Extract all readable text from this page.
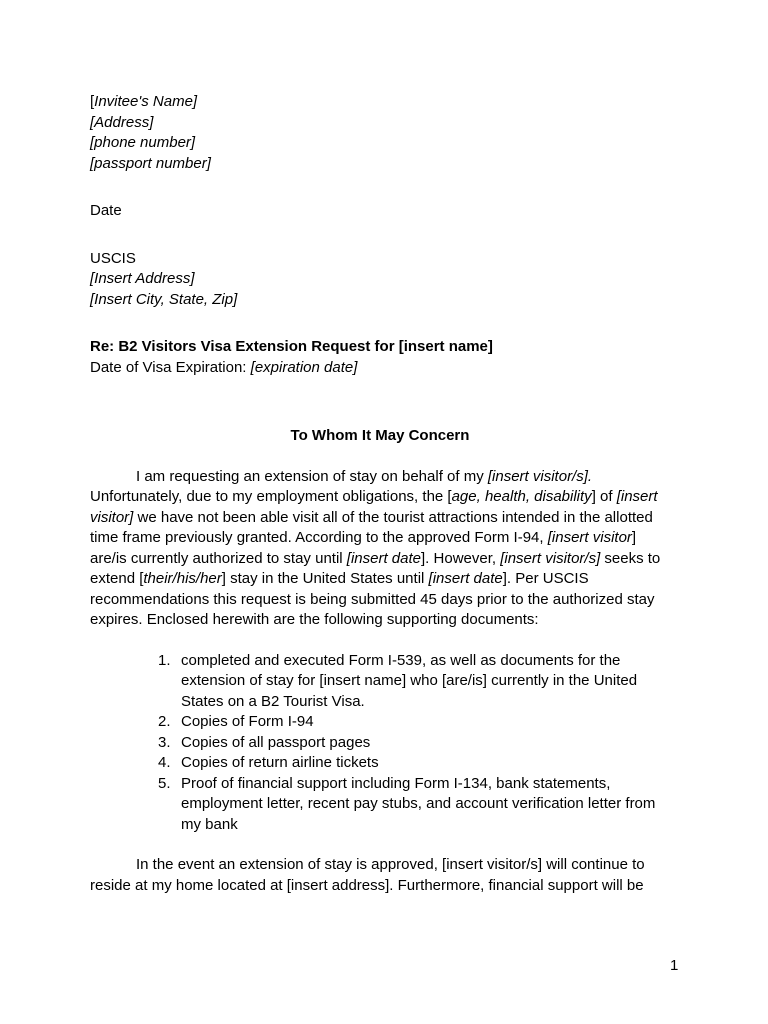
[Invitee's Name]
[Address]
[phone number]
[passport number]
Date
USCIS
[Insert Address]
[Insert City, State, Zip]
Re: B2 Visitors Visa Extension Request for [insert name]
Date of Visa Expiration: [expiration date]
To Whom It May Concern

I am requesting an extension of stay on behalf of my [insert visitor/s]. Unfortunately, due to my employment obligations, the [age, health, disability] of [insert visitor] we have not been able visit all of the tourist attractions intended in the allotted time frame previously granted. According to the approved Form I-94, [insert visitor] are/is currently authorized to stay until [insert date]. However, [insert visitor/s] seeks to extend [their/his/her] stay in the United States until [insert date]. Per USCIS recommendations this request is being submitted 45 days prior to the authorized stay expires. Enclosed herewith are the following supporting documents:

1. completed and executed Form I-539, as well as documents for the extension of stay for [insert name] who [are/is] currently in the United States on a B2 Tourist Visa.
2. Copies of Form I-94
3. Copies of all passport pages
4. Copies of return airline tickets
5. Proof of financial support including Form I-134, bank statements, employment letter, recent pay stubs, and account verification letter from my bank

In the event an extension of stay is approved, [insert visitor/s] will continue to reside at my home located at [insert address]. Furthermore, financial support will be

1
